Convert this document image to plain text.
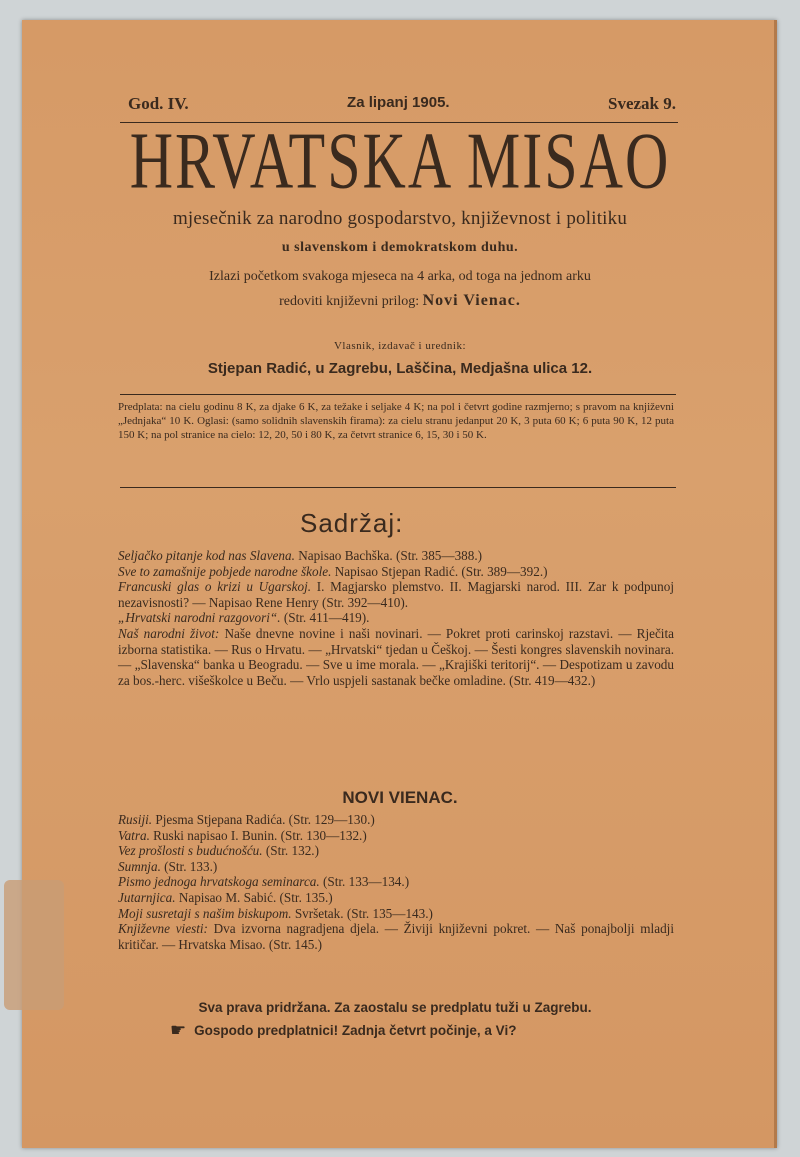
God. IV.	Za lipanj 1905.	Svezak 9.
HRVATSKA MISAO
mjesečnik za narodno gospodarstvo, književnost i politiku
u slavenskom i demokratskom duhu.
Izlazi početkom svakoga mjeseca na 4 arka, od toga na jednom arku
redoviti književni prilog: Novi Vienac.
Vlasnik, izdavač i urednik:
Stjepan Radić, u Zagrebu, Laščina, Medjašna ulica 12.
Predplata: na cielu godinu 8 K, za djake 6 K, za težake i seljake 4 K; na pol i četvrt godine razmjerno; s pravom na književni „Jednjaka“ 10 K. Oglasi: (samo solidnih slavenskih firama): za cielu stranu jedanput 20 K, 3 puta 60 K; 6 puta 90 K, 12 puta 150 K; na pol stranice na cielo: 12, 20, 50 i 80 K, za četvrt stranice 6, 15, 30 i 50 K.
Sadržaj:

Seljačko pitanje kod nas Slavena. Napisao Bachška. (Str. 385—388.)

Sve to zamašnije pobjede narodne škole. Napisao Stjepan Radić. (Str. 389—392.)

Francuski glas o krizi u Ugarskoj. I. Magjarsko plemstvo. II. Magjarski narod. III. Zar k podpunoj nezavisnosti? — Napisao Rene Henry (Str. 392—410).

„Hrvatski narodni razgovori“. (Str. 411—419).

Naš narodni život: Naše dnevne novine i naši novinari. — Pokret proti carinskoj razstavi. — Rječita izborna statistika. — Rus o Hrvatu. — „Hrvatski“ tjedan u Češkoj. — Šesti kongres slavenskih novinara. — „Slavenska“ banka u Beogradu. — Sve u ime morala. — „Krajiški teritorij“. — Despotizam u zavodu za bos.-herc. višeškolce u Beču. — Vrlo uspjeli sastanak bečke omladine. (Str. 419—432.)

NOVI VIENAC.

Rusiji. Pjesma Stjepana Radića. (Str. 129—130.)

Vatra. Ruski napisao I. Bunin. (Str. 130—132.)

Vez prošlosti s budućnošću. (Str. 132.)

Sumnja. (Str. 133.)

Pismo jednoga hrvatskoga seminarca. (Str. 133—134.)

Jutarnjica. Napisao M. Sabić. (Str. 135.)

Moji susretaji s našim biskupom. Svršetak. (Str. 135—143.)

Književne viesti: Dva izvorna nagradjena djela. — Živiji književni pokret. — Naš ponajbolji mladji kritičar. — Hrvatska Misao. (Str. 145.)

Sva prava pridržana. Za zaostalu se predplatu tuži u Zagrebu.
☛ Gospodo predplatnici! Zadnja četvrt počinje, a Vi?
